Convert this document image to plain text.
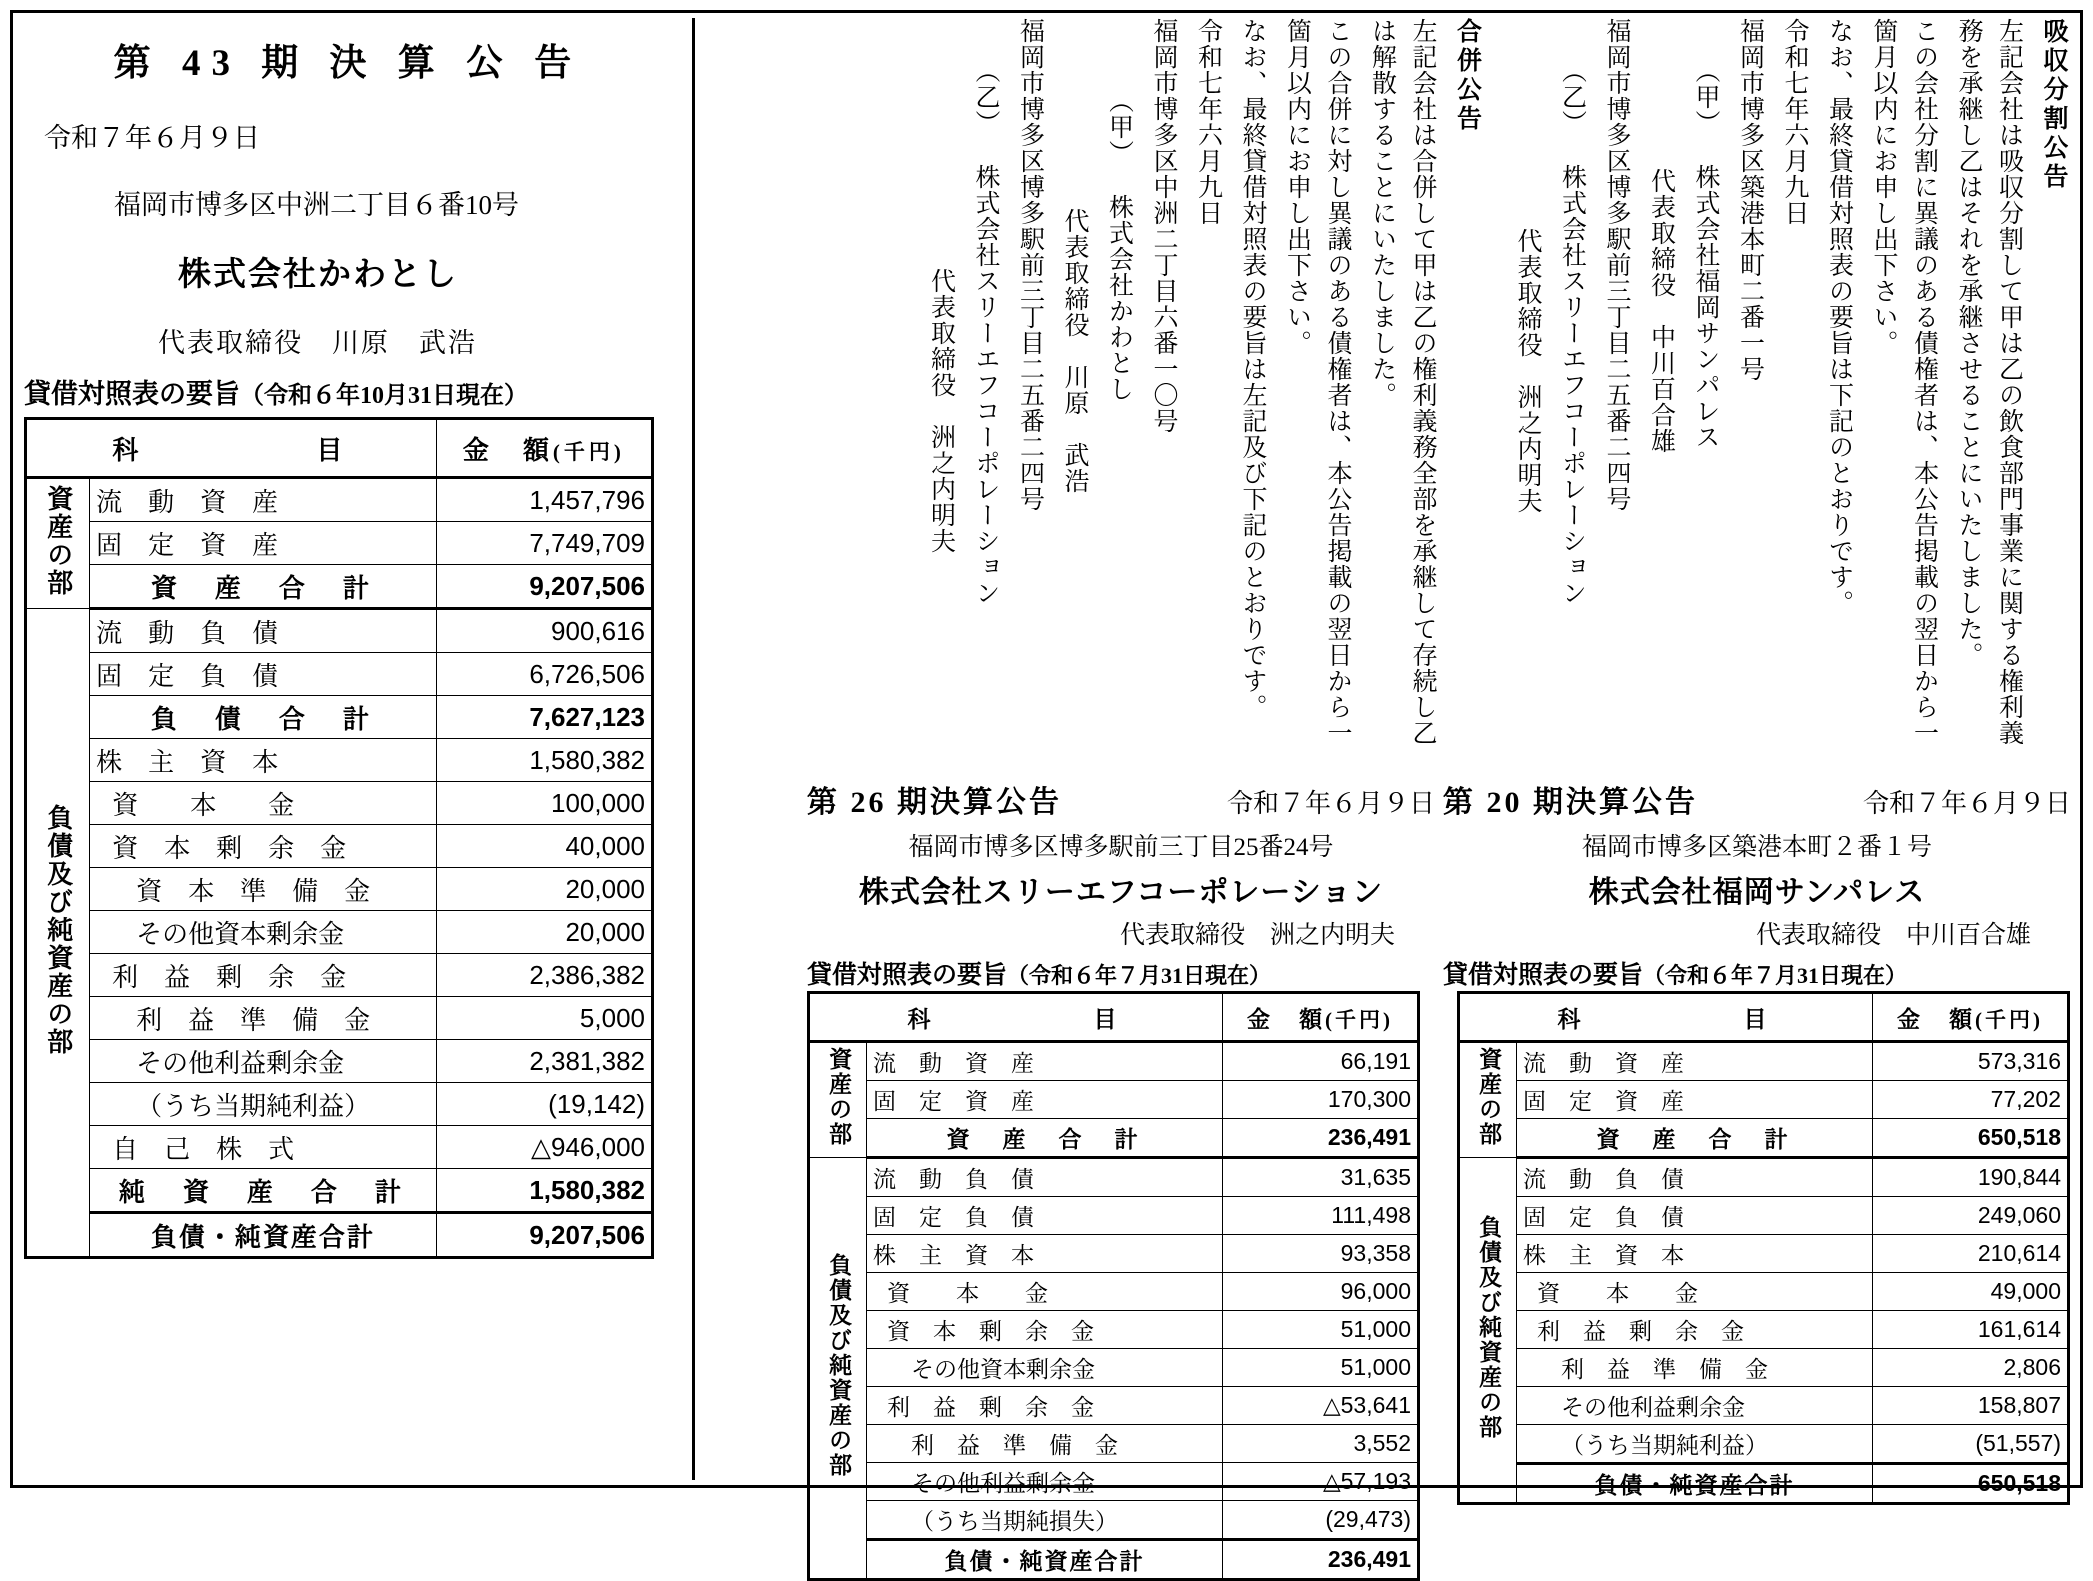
第 43 期 決 算 公 告
令和７年６月９日
福岡市博多区中洲二丁目６番10号
株式会社かわとし
代表取締役　川原　武浩
貸借対照表の要旨（令和６年10月31日現在）
科　　　　　目		金　額(千円)
資産の部	流　動　資　産	1,457,796
	固　定　資　産	7,749,709
	資　産　合　計	9,207,506
負債及び純資産の部	流　動　負　債	900,616
	固　定　負　債	6,726,506
	負　債　合　計	7,627,123
	株　主　資　本	1,580,382
	資　　本　　金	100,000
	資　本　剰　余　金	40,000
	資　本　準　備　金	20,000
	その他資本剰余金	20,000
	利　益　剰　余　金	2,386,382
	利　益　準　備　金	5,000
	その他利益剰余金	2,381,382
	（うち当期純利益）	(19,142)
	自　己　株　式	△946,000
	純　資　産　合　計	1,580,382
	負債・純資産合計	9,207,506
吸収分割公告
左記会社は吸収分割して甲は乙の飲食部門事業に関する権利義務を承継し乙はそれを承継させることにいたしました。
この会社分割に異議のある債権者は、本公告掲載の翌日から一箇月以内にお申し出下さい。
なお、最終貸借対照表の要旨は下記のとおりです。
令和七年六月九日
福岡市博多区築港本町二番一号
（甲） 株式会社福岡サンパレス
代表取締役　中川百合雄
福岡市博多区博多駅前三丁目二五番二四号
（乙） 株式会社スリーエフコーポレーション
代表取締役　洲之内明夫
合併公告
左記会社は合併して甲は乙の権利義務全部を承継して存続し乙は解散することにいたしました。
この合併に対し異議のある債権者は、本公告掲載の翌日から一箇月以内にお申し出下さい。
なお、最終貸借対照表の要旨は左記及び下記のとおりです。
令和七年六月九日
福岡市博多区中洲二丁目六番一〇号
（甲） 株式会社かわとし
代表取締役　川原　武浩
福岡市博多区博多駅前三丁目二五番二四号
（乙） 株式会社スリーエフコーポレーション
代表取締役　洲之内明夫
第 20 期決算公告	令和７年６月９日
福岡市博多区築港本町２番１号
株式会社福岡サンパレス
代表取締役　中川百合雄
貸借対照表の要旨（令和６年７月31日現在）
科　　　　　目		金　額(千円)
資産の部	流　動　資　産	573,316
	固　定　資　産	77,202
	資　産　合　計	650,518
負債及び純資産の部	流　動　負　債	190,844
	固　定　負　債	249,060
	株　主　資　本	210,614
	資　　本　　金	49,000
	利　益　剰　余　金	161,614
	利　益　準　備　金	2,806
	その他利益剰余金	158,807
	（うち当期純利益）	(51,557)
	負債・純資産合計	650,518
第 26 期決算公告	令和７年６月９日
福岡市博多区博多駅前三丁目25番24号
株式会社スリーエフコーポレーション
代表取締役　洲之内明夫
貸借対照表の要旨（令和６年７月31日現在）
科　　　　　目		金　額(千円)
資産の部	流　動　資　産	66,191
	固　定　資　産	170,300
	資　産　合　計	236,491
負債及び純資産の部	流　動　負　債	31,635
	固　定　負　債	111,498
	株　主　資　本	93,358
	資　　本　　金	96,000
	資　本　剰　余　金	51,000
	その他資本剰余金	51,000
	利　益　剰　余　金	△53,641
	利　益　準　備　金	3,552
	その他利益剰余金	△57,193
	（うち当期純損失）	(29,473)
	負債・純資産合計	236,491
